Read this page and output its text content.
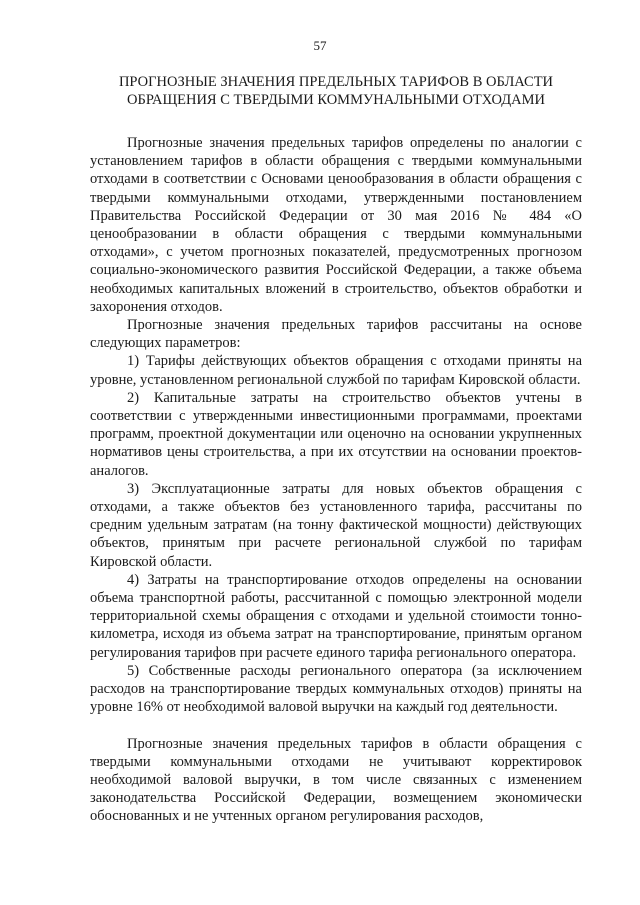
57
ПРОГНОЗНЫЕ ЗНАЧЕНИЯ ПРЕДЕЛЬНЫХ ТАРИФОВ В ОБЛАСТИ
ОБРАЩЕНИЯ С ТВЕРДЫМИ КОММУНАЛЬНЫМИ ОТХОДАМИ

Прогнозные значения предельных тарифов определены по аналогии с установлением тарифов в области обращения с твердыми коммунальными отходами в соответствии с Основами ценообразования в области обращения с твердыми коммунальными отходами, утвержденными постановлением Правительства Российской Федерации от 30 мая 2016 № 484 «О ценообразовании в области обращения с твердыми коммунальными отходами», с учетом прогнозных показателей, предусмотренных прогнозом социально-экономического развития Российской Федерации, а также объема необходимых капитальных вложений в строительство, объектов обработки и захоронения отходов.

Прогнозные значения предельных тарифов рассчитаны на основе следующих параметров:

1) Тарифы действующих объектов обращения с отходами приняты на уровне, установленном региональной службой по тарифам Кировской области.

2) Капитальные затраты на строительство объектов учтены в соответствии с утвержденными инвестиционными программами, проектами программ, проектной документации или оценочно на основании укрупненных нормативов цены строительства, а при их отсутствии на основании проектов-аналогов.

3) Эксплуатационные затраты для новых объектов обращения с отходами, а также объектов без установленного тарифа, рассчитаны по средним удельным затратам (на тонну фактической мощности) действующих объектов, принятым при расчете региональной службой по тарифам Кировской области.

4) Затраты на транспортирование отходов определены на основании объема транспортной работы, рассчитанной с помощью электронной модели территориальной схемы обращения с отходами и удельной стоимости тонно-километра, исходя из объема затрат на транспортирование, принятым органом регулирования тарифов при расчете единого тарифа регионального оператора.

5) Собственные расходы регионального оператора (за исключением расходов на транспортирование твердых коммунальных отходов) приняты на уровне 16% от необходимой валовой выручки на каждый год деятельности.

Прогнозные значения предельных тарифов в области обращения с твердыми коммунальными отходами не учитывают корректировок необходимой валовой выручки, в том числе связанных с изменением законодательства Российской Федерации, возмещением экономически обоснованных и не учтенных органом регулирования расходов,
